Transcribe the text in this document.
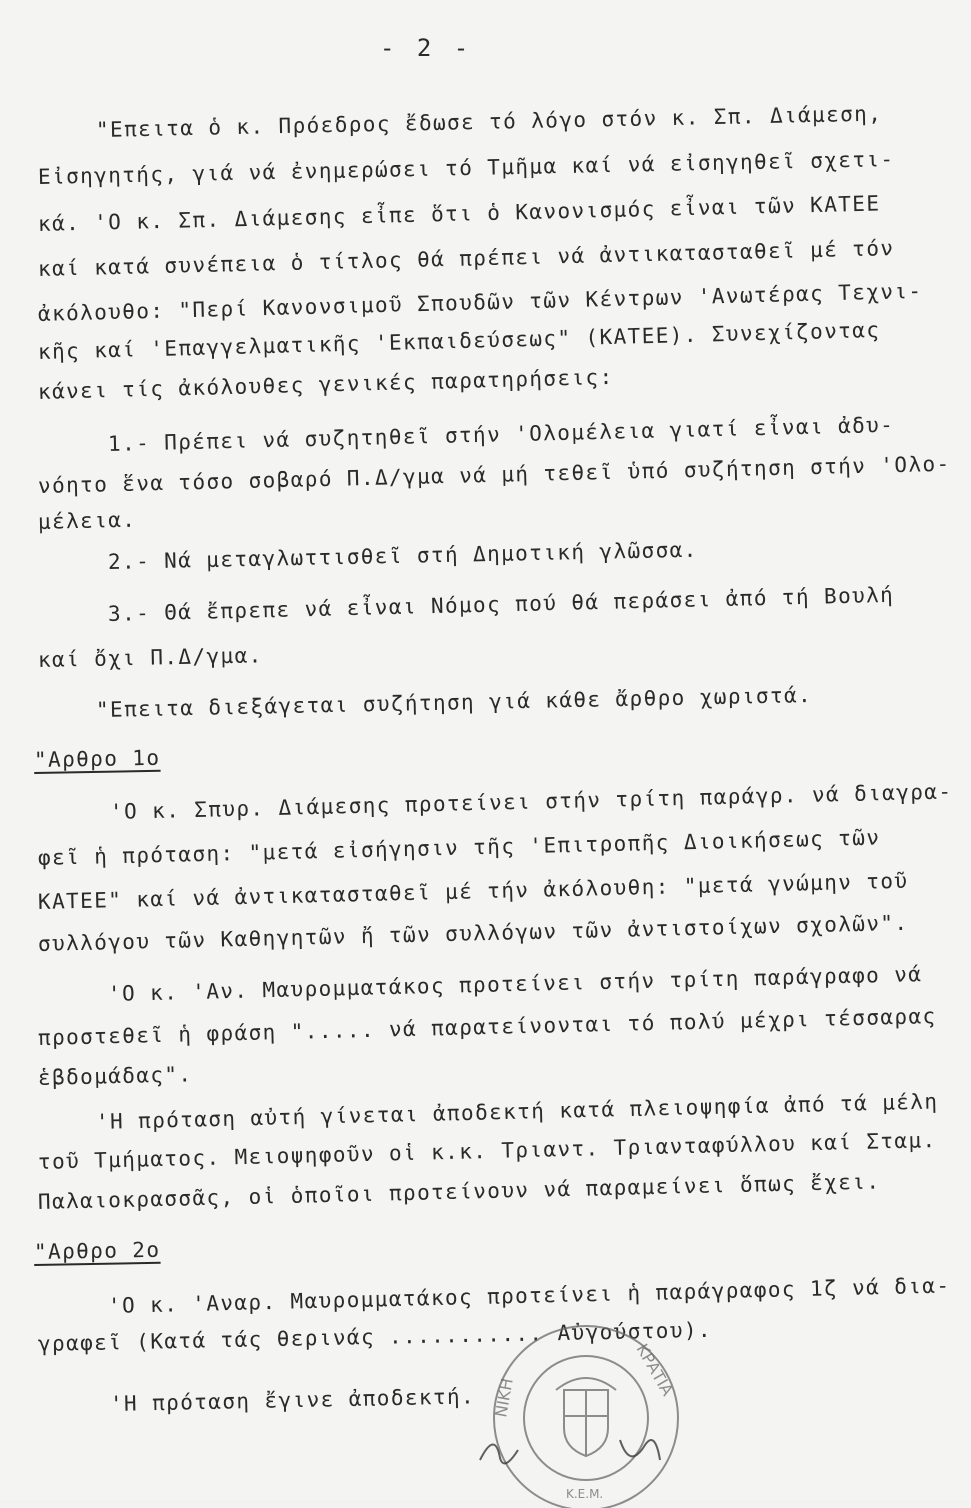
- 2 -
"Επειτα ὁ κ. Πρόεδρος ἔδωσε τό λόγο στόν κ. Σπ. Διάμεση,
Εἰσηγητής, γιά νά ἐνημερώσει τό Τμῆμα καί νά εἰσηγηθεῖ σχετι-
κά. 'Ο κ. Σπ. Διάμεσης εἶπε ὅτι ὁ Κανονισμός εἶναι τῶν ΚΑΤΕΕ
καί κατά συνέπεια ὁ τίτλος θά πρέπει νά ἀντικατασταθεῖ μέ τόν
ἀκόλουθο: "Περί Κανονσιμοῦ Σπουδῶν τῶν Κέντρων 'Ανωτέρας Τεχνι-
κῆς καί 'Επαγγελματικῆς 'Εκπαιδεύσεως" (ΚΑΤΕΕ). Συνεχίζοντας
κάνει τίς ἀκόλουθες γενικές παρατηρήσεις:
1.- Πρέπει νά συζητηθεῖ στήν 'Ολομέλεια γιατί εἶναι ἀδυ-
νόητο ἕνα τόσο σοβαρό Π.Δ/γμα νά μή τεθεῖ ὑπό συζήτηση στήν 'Ολο-
μέλεια.
2.- Νά μεταγλωττισθεῖ στή Δημοτική γλῶσσα.
3.- Θά ἔπρεπε νά εἶναι Νόμος πού θά περάσει ἀπό τή Βουλή
καί ὄχι Π.Δ/γμα.
"Επειτα διεξάγεται συζήτηση γιά κάθε ἄρθρο χωριστά.
"Αρθρο 1ο
'Ο κ. Σπυρ. Διάμεσης προτείνει στήν τρίτη παράγρ. νά διαγρα-
φεῖ ἡ πρόταση: "μετά εἰσήγησιν τῆς 'Επιτροπῆς Διοικήσεως τῶν
ΚΑΤΕΕ" καί νά ἀντικατασταθεῖ μέ τήν ἀκόλουθη: "μετά γνώμην τοῦ
συλλόγου τῶν Καθηγητῶν ἤ τῶν συλλόγων τῶν ἀντιστοίχων σχολῶν".
'Ο κ. 'Αν. Μαυρομματάκος προτείνει στήν τρίτη παράγραφο νά
προστεθεῖ ἡ φράση "..... νά παρατείνονται τό πολύ μέχρι τέσσαρας
ἑβδομάδας".
'Η πρόταση αὐτή γίνεται ἀποδεκτή κατά πλειοψηφία ἀπό τά μέλη
τοῦ Τμήματος. Μειοψηφοῦν οἱ κ.κ. Τριαντ. Τριανταφύλλου καί Σταμ.
Παλαιοκρασσᾶς, οἱ ὁποῖοι προτείνουν νά παραμείνει ὅπως ἔχει.
"Αρθρο 2ο
'Ο κ. 'Αναρ. Μαυρομματάκος προτείνει ἡ παράγραφος 1ζ νά δια-
γραφεῖ (Κατά τάς θερινάς ........... Αὐγούστου).
'Η πρόταση ἔγινε ἀποδεκτή. ΝΙΚΗ	ΚΡΑΤΙΑ
Κ.Ε.Μ.
